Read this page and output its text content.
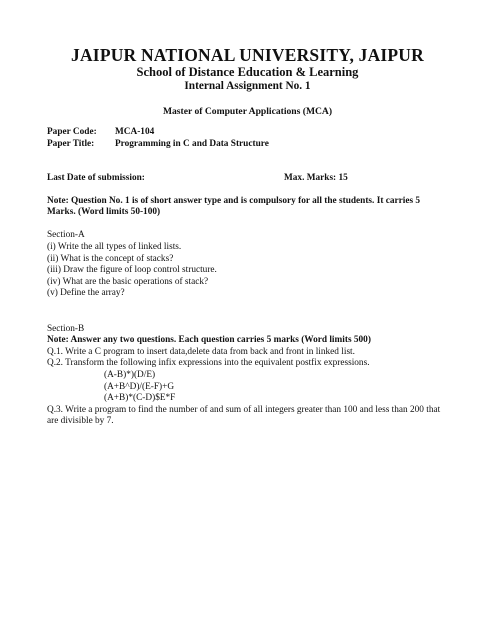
JAIPUR NATIONAL UNIVERSITY, JAIPUR
School of Distance Education & Learning
Internal Assignment No. 1
Master of Computer Applications (MCA)
Paper Code: MCA-104
Paper Title: Programming in C and Data Structure
Last Date of submission:	Max. Marks: 15
Note: Question No. 1 is of short answer type and is compulsory for all the students. It carries 5 Marks. (Word limits 50-100)
Section-A
(i) Write the all types of linked lists.
(ii) What is the concept of stacks?
(iii) Draw the figure of loop control structure.
(iv) What are the basic operations of stack?
(v) Define the array?
Section-B
Note: Answer any two questions. Each question carries 5 marks (Word limits 500)
Q.1. Write a C program to insert data,delete data from back and front in linked list.
Q.2. Transform the following infix expressions into the equivalent postfix expressions.
(A-B)*)(D/E)
(A+B^D)/(E-F)+G
(A+B)*(C-D)$E*F
Q.3. Write a program to find the number of and sum of all integers greater than 100 and less than 200 that are divisible by 7.
